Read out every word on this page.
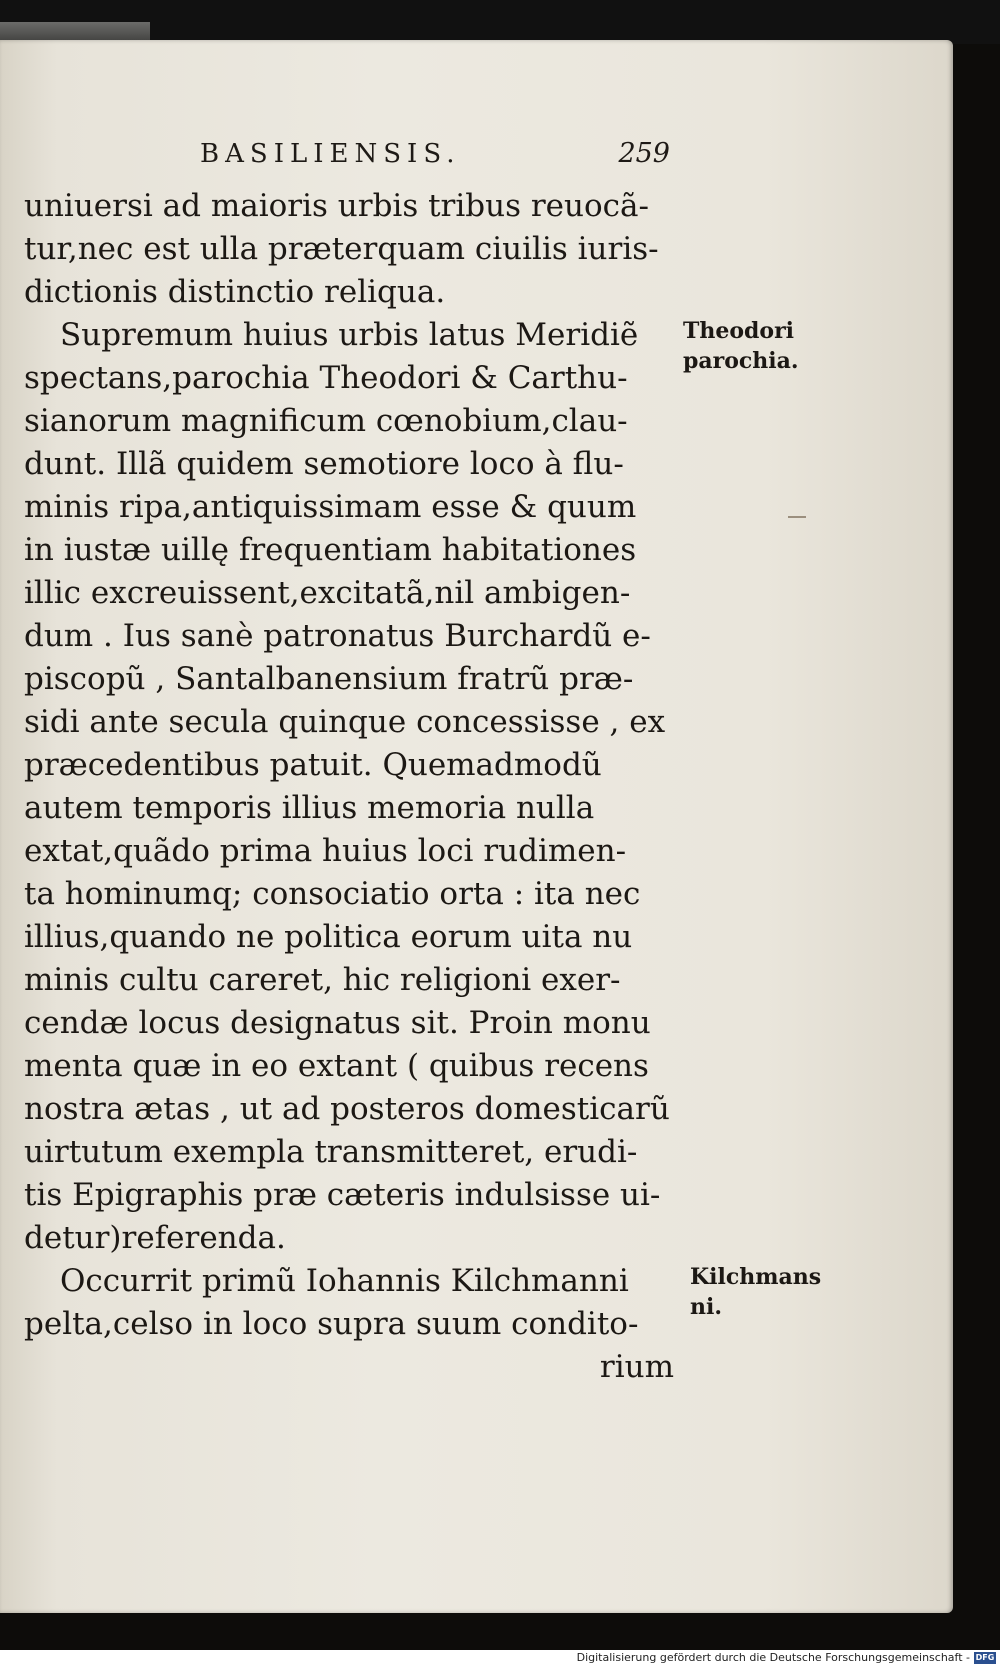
BASILIENSIS.	259
uniuersi ad maioris urbis tribus reuocã-
tur,nec est ulla præterquam ciuilis iuris-
dictionis distinctio reliqua.
Supremum huius urbis latus Meridiẽ
spectans,parochia Theodori & Carthu-
sianorum magnificum cœnobium,clau-
dunt. Illã quidem semotiore loco à flu-
minis ripa,antiquissimam esse & quum
in iustæ uillę frequentiam habitationes
illic excreuissent,excitatã,nil ambigen-
dum . Ius sanè patronatus Burchardũ e-
piscopũ , Santalbanensium fratrũ præ-
sidi ante secula quinque concessisse , ex
præcedentibus patuit. Quemadmodũ
autem temporis illius memoria nulla
extat,quãdo prima huius loci rudimen-
ta hominumq; consociatio orta : ita nec
illius,quando ne politica eorum uita nu
minis cultu careret, hic religioni exer-
cendæ locus designatus sit. Proin monu
menta quæ in eo extant ( quibus recens
nostra ætas , ut ad posteros domesticarũ
uirtutum exempla transmitteret, erudi-
tis Epigraphis præ cæteris indulsisse ui-
detur)referenda.
Occurrit primũ Iohannis Kilchmanni
pelta,celso in loco supra suum condito-
rium
Theodori
parochia.
Kilchmans
ni.
Digitalisierung gefördert durch die Deutsche Forschungsgemeinschaft - DFG
